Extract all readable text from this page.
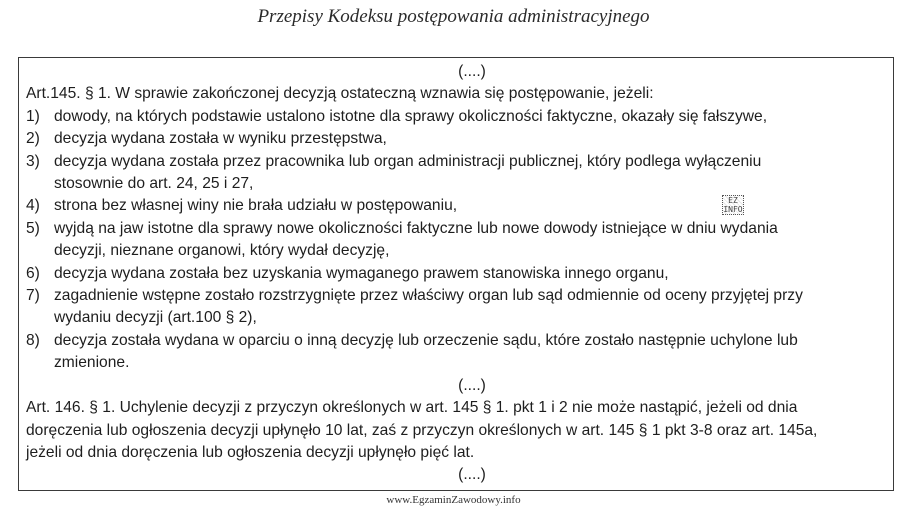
Przepisy Kodeksu postępowania administracyjnego
(....)
Art.145. § 1. W sprawie zakończonej decyzją ostateczną wznawia się postępowanie, jeżeli:
1) dowody, na których podstawie ustalono istotne dla sprawy okoliczności faktyczne, okazały się fałszywe,
2) decyzja wydana została w wyniku przestępstwa,
3) decyzja wydana została przez pracownika lub organ administracji publicznej, który podlega wyłączeniu
stosownie do art. 24, 25 i 27,
4) strona bez własnej winy nie brała udziału w postępowaniu,
5) wyjdą na jaw istotne dla sprawy nowe okoliczności faktyczne lub nowe dowody istniejące w dniu wydania
decyzji, nieznane organowi, który wydał decyzję,
6) decyzja wydana została bez uzyskania wymaganego prawem stanowiska innego organu,
7) zagadnienie wstępne zostało rozstrzygnięte przez właściwy organ lub sąd odmiennie od oceny przyjętej przy
wydaniu decyzji (art.100 § 2),
8) decyzja została wydana w oparciu o inną decyzję lub orzeczenie sądu, które zostało następnie uchylone lub
zmienione.
(....)
Art. 146. § 1. Uchylenie decyzji z przyczyn określonych w art. 145 § 1. pkt 1 i 2 nie może nastąpić, jeżeli od dnia
doręczenia lub ogłoszenia decyzji upłynęło 10 lat, zaś z przyczyn określonych w art. 145 § 1 pkt 3-8 oraz art. 145a,
jeżeli od dnia doręczenia lub ogłoszenia decyzji upłynęło pięć lat.
(....)
EZ
INFO
www.EgzaminZawodowy.info
